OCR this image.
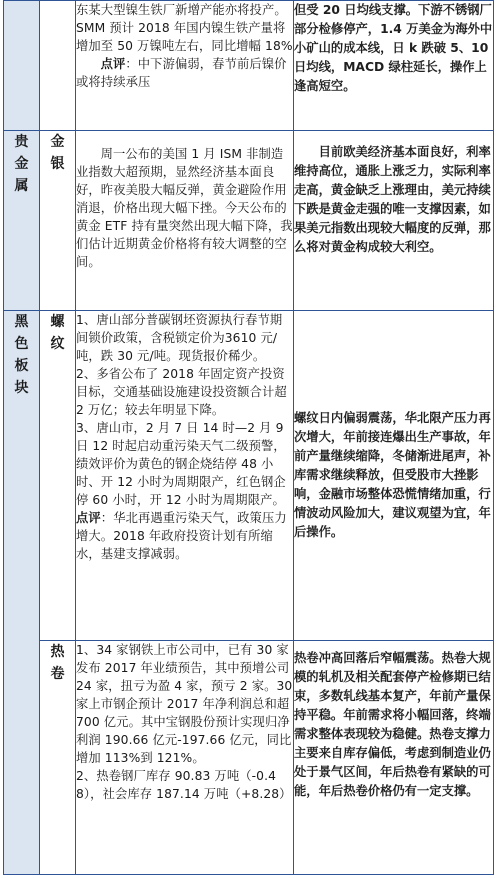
		东某大型镍生铁厂新增产能亦将投产。SMM 预计 2018 年国内镍生铁产量将增加至 50 万镍吨左右，同比增幅 18%

点评：中下游偏弱，春节前后镍价或将持续承压	但受 20 日均线支撑。下游不锈钢厂部分检修停产，1.4 万美金为海外中小矿山的成本线，日 k 跌破 5、10 日均线，MACD 绿柱延长，操作上逢高短空。

贵金属	金银	周一公布的美国 1 月 ISM 非制造业指数大超预期，显然经济基本面良好，昨夜美股大幅反弹，黄金避险作用消退，价格出现大幅下挫。今天公布的黄金 ETF 持有量突然出现大幅下降，我们估计近期黄金价格将有较大调整的空间。	目前欧美经济基本面良好，利率维持高位，通胀上涨乏力，实际利率走高，黄金缺乏上涨理由，美元持续下跌是黄金走强的唯一支撑因素，如果美元指数出现较大幅度的反弹，那么将对黄金构成较大利空。

黑色板块	螺纹	1、唐山部分普碳钢坯资源执行春节期间锁价政策，含税锁定价为3610 元/吨，跌 30 元/吨。现货报价稀少。

2、多省公布了 2018 年固定资产投资目标，交通基础设施建设投资额合计超 2 万亿；较去年明显下降。

3、唐山市，2 月 7 日 14 时—2 月 9 日 12 时起启动重污染天气二级预警，绩效评价为黄色的钢企烧结停 48 小时、开 12 小时为周期限产，红色钢企停 60 小时，开 12 小时为周期限产。

点评：华北再遇重污染天气，政策压力增大。2018 年政府投资计划有所缩水，基建支撑减弱。	螺纹日内偏弱震荡，华北限产压力再次增大，年前接连爆出生产事故，年前产量继续缩降，冬储渐进尾声，补库需求继续释放，但受股市大挫影响，金融市场整体恐慌情绪加重，行情波动风险加大，建议观望为宜，年后操作。

	热卷	1、34 家钢铁上市公司中，已有 30 家发布 2017 年业绩预告，其中预增公司 24 家，扭亏为盈 4 家，预亏 2 家。30 家上市钢企预计 2017 年净利润总和超 700 亿元。其中宝钢股份预计实现归净利润 190.66 亿元-197.66 亿元，同比增加 113%到 121%。

2、热卷钢厂库存 90.83 万吨（-0.48），社会库存 187.14 万吨（+8.28）	热卷冲高回落后窄幅震荡。热卷大规模的轧机及相关配套停产检修期已结束，多数轧线基本复产，年前产量保持平稳。年前需求将小幅回落，终端需求整体表现较为稳健。热卷支撑力主要来自库存偏低，考虑到制造业仍处于景气区间，年后热卷有紧缺的可能，年后热卷价格仍有一定支撑。
